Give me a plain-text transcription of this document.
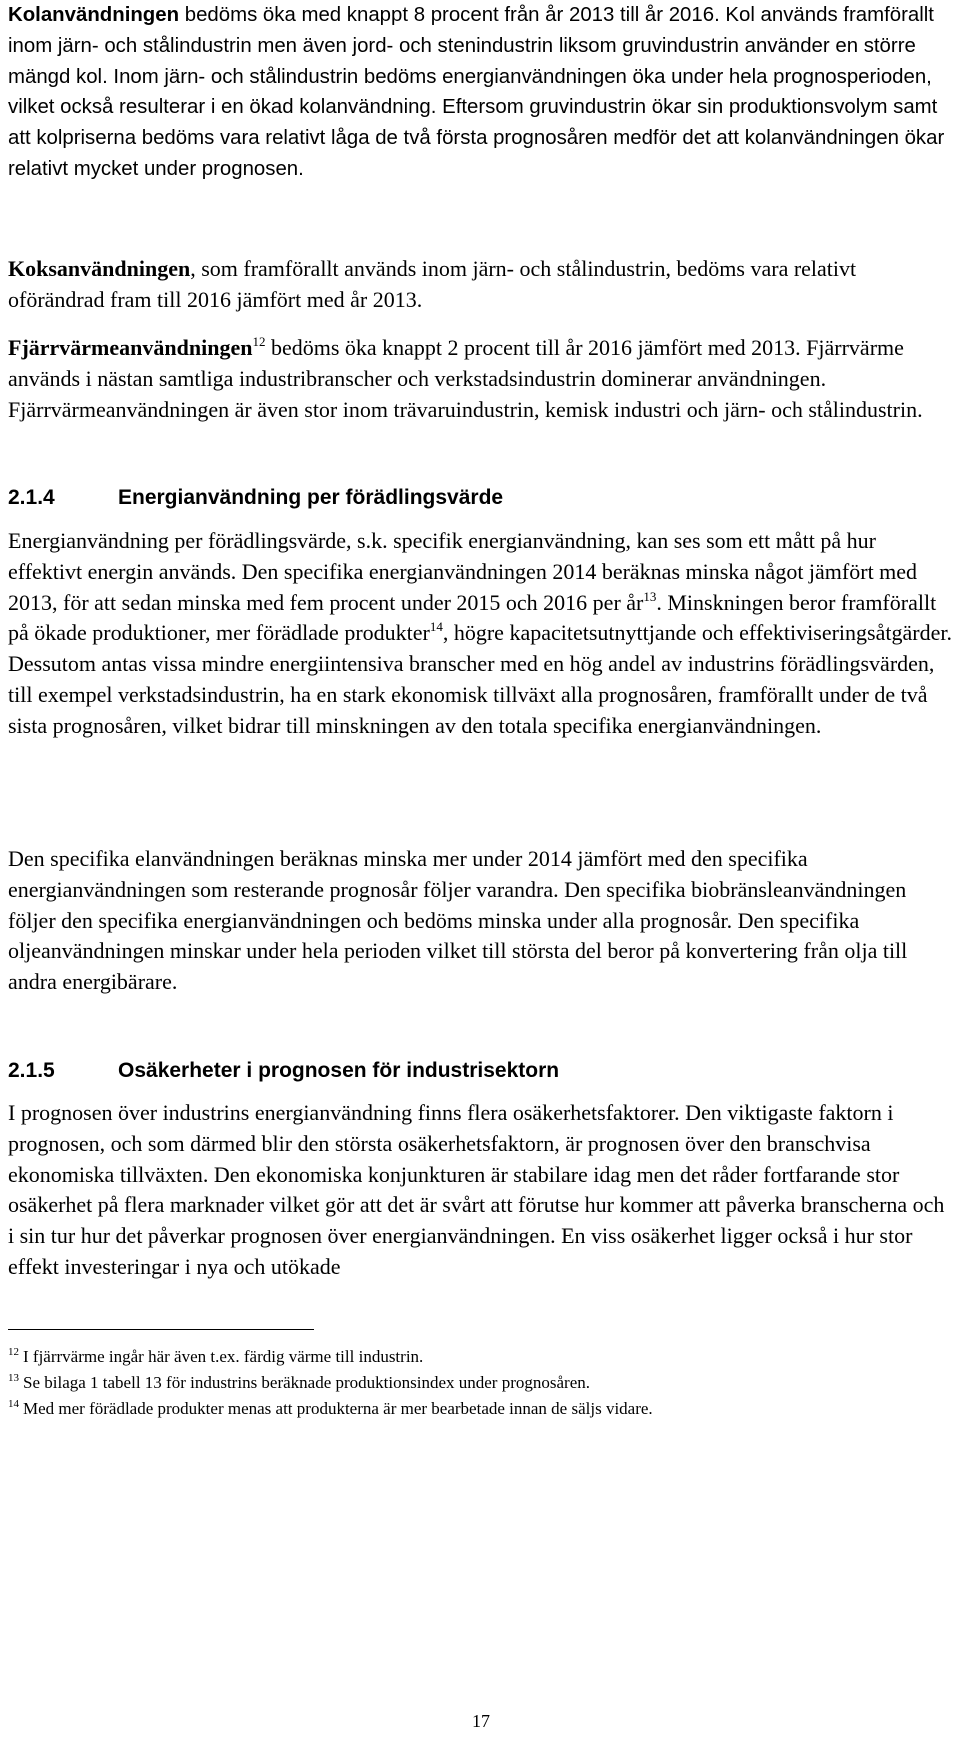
Kolanvändningen bedöms öka med knappt 8 procent från år 2013 till år 2016. Kol används framförallt inom järn- och stålindustrin men även jord- och stenindustrin liksom gruvindustrin använder en större mängd kol. Inom järn- och stålindustrin bedöms energianvändningen öka under hela prognosperioden, vilket också resulterar i en ökad kolanvändning. Eftersom gruvindustrin ökar sin produktionsvolym samt att kolpriserna bedöms vara relativt låga de två första prognosåren medför det att kolanvändningen ökar relativt mycket under prognosen.

Koksanvändningen, som framförallt används inom järn- och stålindustrin, bedöms vara relativt oförändrad fram till 2016 jämfört med år 2013.

Fjärrvärmeanvändningen$^{12}$ bedöms öka knappt 2 procent till år 2016 jämfört med 2013. Fjärrvärme används i nästan samtliga industribranscher och verkstadsindustrin dominerar användningen. Fjärrvärmeanvändningen är även stor inom trävaruindustrin, kemisk industri och järn- och stålindustrin.

2.1.4	Energianvändning per förädlingsvärde

Energianvändning per förädlingsvärde, s.k. specifik energianvändning, kan ses som ett mått på hur effektivt energin används. Den specifika energianvändningen 2014 beräknas minska något jämfört med 2013, för att sedan minska med fem procent under 2015 och 2016 per $år^{13}$. Minskningen beror framförallt på ökade produktioner, mer förädlade produkter$^{14}$, högre kapacitetsutnyttjande och effektiviseringsåtgärder. Dessutom antas vissa mindre energiintensiva branscher med en hög andel av industrins förädlingsvärden, till exempel verkstadsindustrin, ha en stark ekonomisk tillväxt alla prognosåren, framförallt under de två sista prognosåren, vilket bidrar till minskningen av den totala specifika energianvändningen.

Den specifika elanvändningen beräknas minska mer under 2014 jämfört med den specifika energianvändningen som resterande prognosår följer varandra. Den specifika biobränsleanvändningen följer den specifika energianvändningen och bedöms minska under alla prognosår. Den specifika oljeanvändningen minskar under hela perioden vilket till största del beror på konvertering från olja till andra energibärare.

2.1.5	Osäkerheter i prognosen för industrisektorn

I prognosen över industrins energianvändning finns flera osäkerhetsfaktorer. Den viktigaste faktorn i prognosen, och som därmed blir den största osäkerhetsfaktorn, är prognosen över den branschvisa ekonomiska tillväxten. Den ekonomiska konjunkturen är stabilare idag men det råder fortfarande stor osäkerhet på flera marknader vilket gör att det är svårt att förutse hur kommer att påverka branscherna och i sin tur hur det påverkar prognosen över energianvändningen. En viss osäkerhet ligger också i hur stor effekt investeringar i nya och utökade

$^{12}$ I fjärrvärme ingår här även t.ex. färdig värme till industrin.

$^{13}$ Se bilaga 1 tabell 13 för industrins beräknade produktionsindex under prognosåren.

$^{14}$ Med mer förädlade produkter menas att produkterna är mer bearbetade innan de säljs vidare.

17
